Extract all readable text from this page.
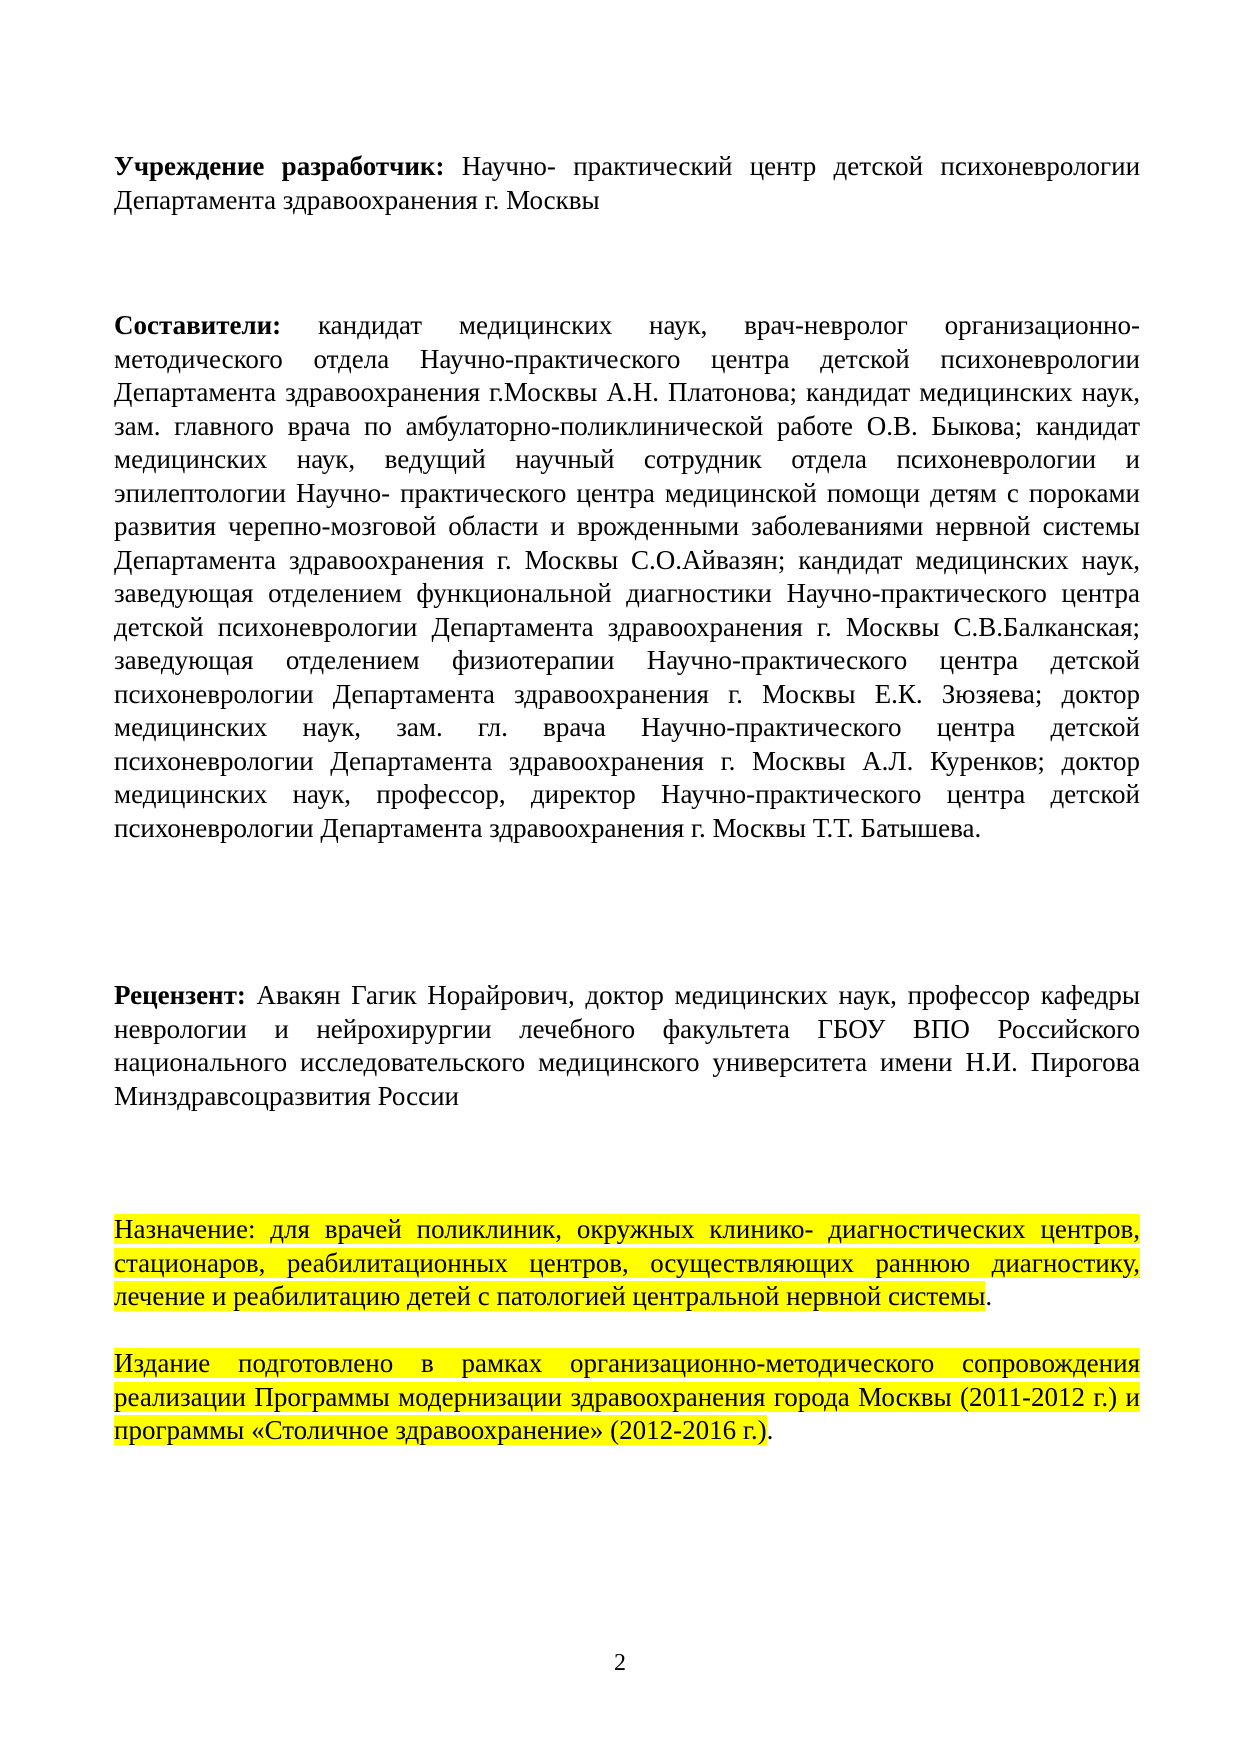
Учреждение разработчик: Научно- практический центр детской психоневрологии Департамента здравоохранения г. Москвы

Составители: кандидат медицинских наук, врач-невролог организационно-методического отдела Научно-практического центра детской психоневрологии Департамента здравоохранения г.Москвы А.Н. Платонова; кандидат медицинских наук, зам. главного врача по амбулаторно-поликлинической работе О.В. Быкова; кандидат медицинских наук, ведущий научный сотрудник отдела психоневрологии и эпилептологии Научно- практического центра медицинской помощи детям с пороками развития черепно-мозговой области и врожденными заболеваниями нервной системы Департамента здравоохранения г. Москвы С.О.Айвазян; кандидат медицинских наук, заведующая отделением функциональной диагностики Научно-практического центра детской психоневрологии Департамента здравоохранения г. Москвы С.В.Балканская; заведующая отделением физиотерапии Научно-практического центра детской психоневрологии Департамента здравоохранения г. Москвы Е.К. Зюзяева; доктор медицинских наук, зам. гл. врача Научно-практического центра детской психоневрологии Департамента здравоохранения г. Москвы А.Л. Куренков; доктор медицинских наук, профессор, директор Научно-практического центра детской психоневрологии Департамента здравоохранения г. Москвы Т.Т. Батышева.

Рецензент: Авакян Гагик Норайрович, доктор медицинских наук, профессор кафедры неврологии и нейрохирургии лечебного факультета ГБОУ ВПО Российского национального исследовательского медицинского университета имени Н.И. Пирогова Минздравсоцразвития России

Назначение: для врачей поликлиник, окружных клинико- диагностических центров, стационаров, реабилитационных центров, осуществляющих раннюю диагностику, лечение и реабилитацию детей с патологией центральной нервной системы.

Издание подготовлено в рамках организационно-методического сопровождения реализации Программы модернизации здравоохранения города Москвы (2011-2012 г.) и программы «Столичное здравоохранение» (2012-2016 г.).

2
